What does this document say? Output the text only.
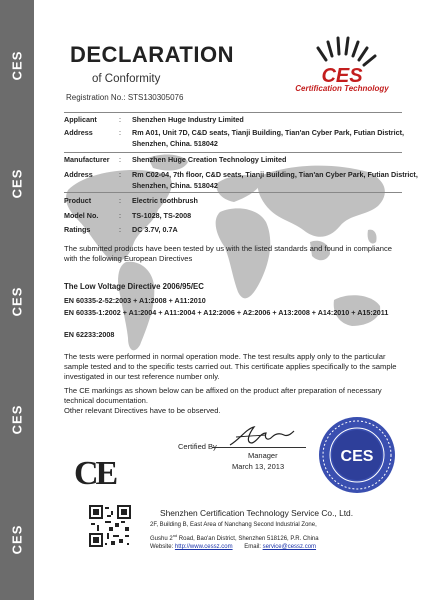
CES
CES
CES
CES
CES
DECLARATION
of Conformity
Registration No.: STS130305076
CES
Certification Technology
Applicant	:	Shenzhen Huge Industry Limited
Address	:	Rm A01, Unit 7D, C&D seats, Tianji Building, Tian'an Cyber Park, Futian District, Shenzhen, China. 518042
Manufacturer	:	Shenzhen Huge Creation Technology Limited
Address	:	Rm C02-04, 7th floor, C&D seats, Tianji Building, Tian'an Cyber Park, Futian District, Shenzhen, China. 518042
Product	:	Electric toothbrush
Model No.	:	TS-1028, TS-2008
Ratings	:	DC 3.7V, 0.7A
The submitted products have been tested by us with the listed standards and found in compliance with the following European Directives
The Low Voltage Directive 2006/95/EC
EN 60335-2-52:2003 + A1:2008 + A11:2010
EN 60335-1:2002 + A1:2004 + A11:2004 + A12:2006 + A2:2006 + A13:2008 + A14:2010 + A15:2011
EN 62233:2008
The tests were performed in normal operation mode. The test results apply only to the particular sample tested and to the specific tests carried out. This certificate applies specifically to the sample investigated in our test reference number only.
The CE markings as shown below can be affixed on the product after preparation of necessary technical documentation.
Other relevant Directives have to be observed.
CE
Certified By
Manager
March 13, 2013
CES
Shenzhen Certification Technology Service Co., Ltd.
2F, Building B, East Area of Nanchang Second Industrial Zone,
Gushu 2nd Road, Bao'an District, Shenzhen 518126, P.R. China
Website: http://www.cessz.com Email: service@cessz.com
